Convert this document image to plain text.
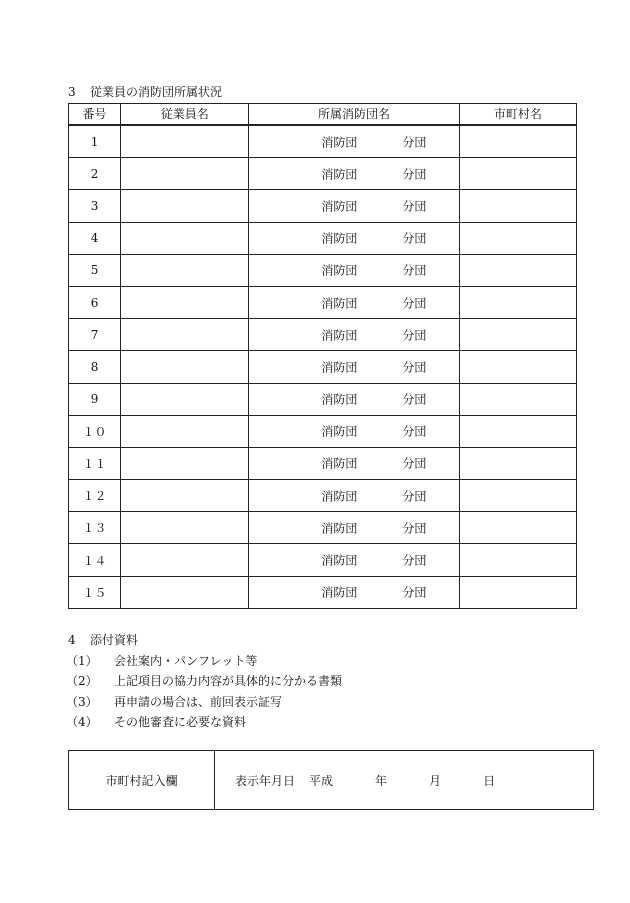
3 従業員の消防団所属状況
番号	従業員名	所属消防団名	市町村名
1		消防団 分団	

2		消防団 分団	

3		消防団 分団	

4		消防団 分団	

5		消防団 分団	

6		消防団 分団	

7		消防団 分団	

8		消防団 分団	

9		消防団 分団	

１０		消防団 分団	

１１		消防団 分団	

１２		消防団 分団	

１３		消防団 分団	

１４		消防団 分団	

１５		消防団 分団	

4 添付資料
（1） 会社案内・パンフレット等
（2） 上記項目の協力内容が具体的に分かる書類
（3） 再申請の場合は、前回表示証写
（4） その他審査に必要な資料
市町村記入欄	表示年月日 平成	年	月	日
